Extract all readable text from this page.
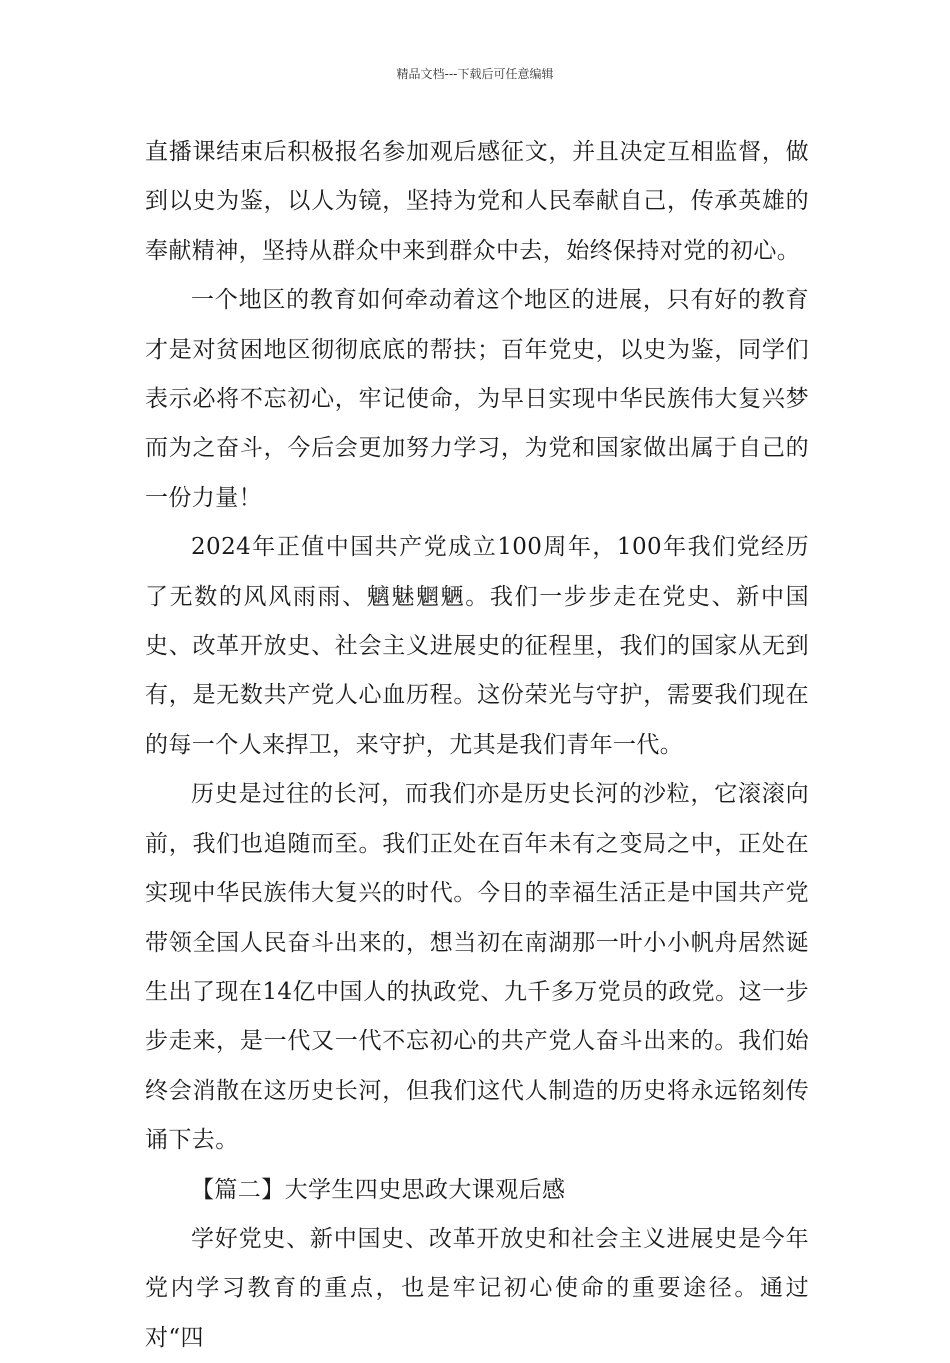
精品文档---下载后可任意编辑

直播课结束后积极报名参加观后感征文，并且决定互相监督，做到以史为鉴，以人为镜，坚持为党和人民奉献自己，传承英雄的奉献精神，坚持从群众中来到群众中去，始终保持对党的初心。

一个地区的教育如何牵动着这个地区的进展，只有好的教育才是对贫困地区彻彻底底的帮扶；百年党史，以史为鉴，同学们表示必将不忘初心，牢记使命，为早日实现中华民族伟大复兴梦而为之奋斗，今后会更加努力学习，为党和国家做出属于自己的一份力量！

2024年正值中国共产党成立100周年，100年我们党经历了无数的风风雨雨、魑魅魍魉。我们一步步走在党史、新中国史、改革开放史、社会主义进展史的征程里，我们的国家从无到有，是无数共产党人心血历程。这份荣光与守护，需要我们现在的每一个人来捍卫，来守护，尤其是我们青年一代。

历史是过往的长河，而我们亦是历史长河的沙粒，它滚滚向前，我们也追随而至。我们正处在百年未有之变局之中，正处在实现中华民族伟大复兴的时代。今日的幸福生活正是中国共产党带领全国人民奋斗出来的，想当初在南湖那一叶小小帆舟居然诞生出了现在14亿中国人的执政党、九千多万党员的政党。这一步步走来，是一代又一代不忘初心的共产党人奋斗出来的。我们始终会消散在这历史长河，但我们这代人制造的历史将永远铭刻传诵下去。

【篇二】大学生四史思政大课观后感

学好党史、新中国史、改革开放史和社会主义进展史是今年党内学习教育的重点，也是牢记初心使命的重要途径。通过对“四
